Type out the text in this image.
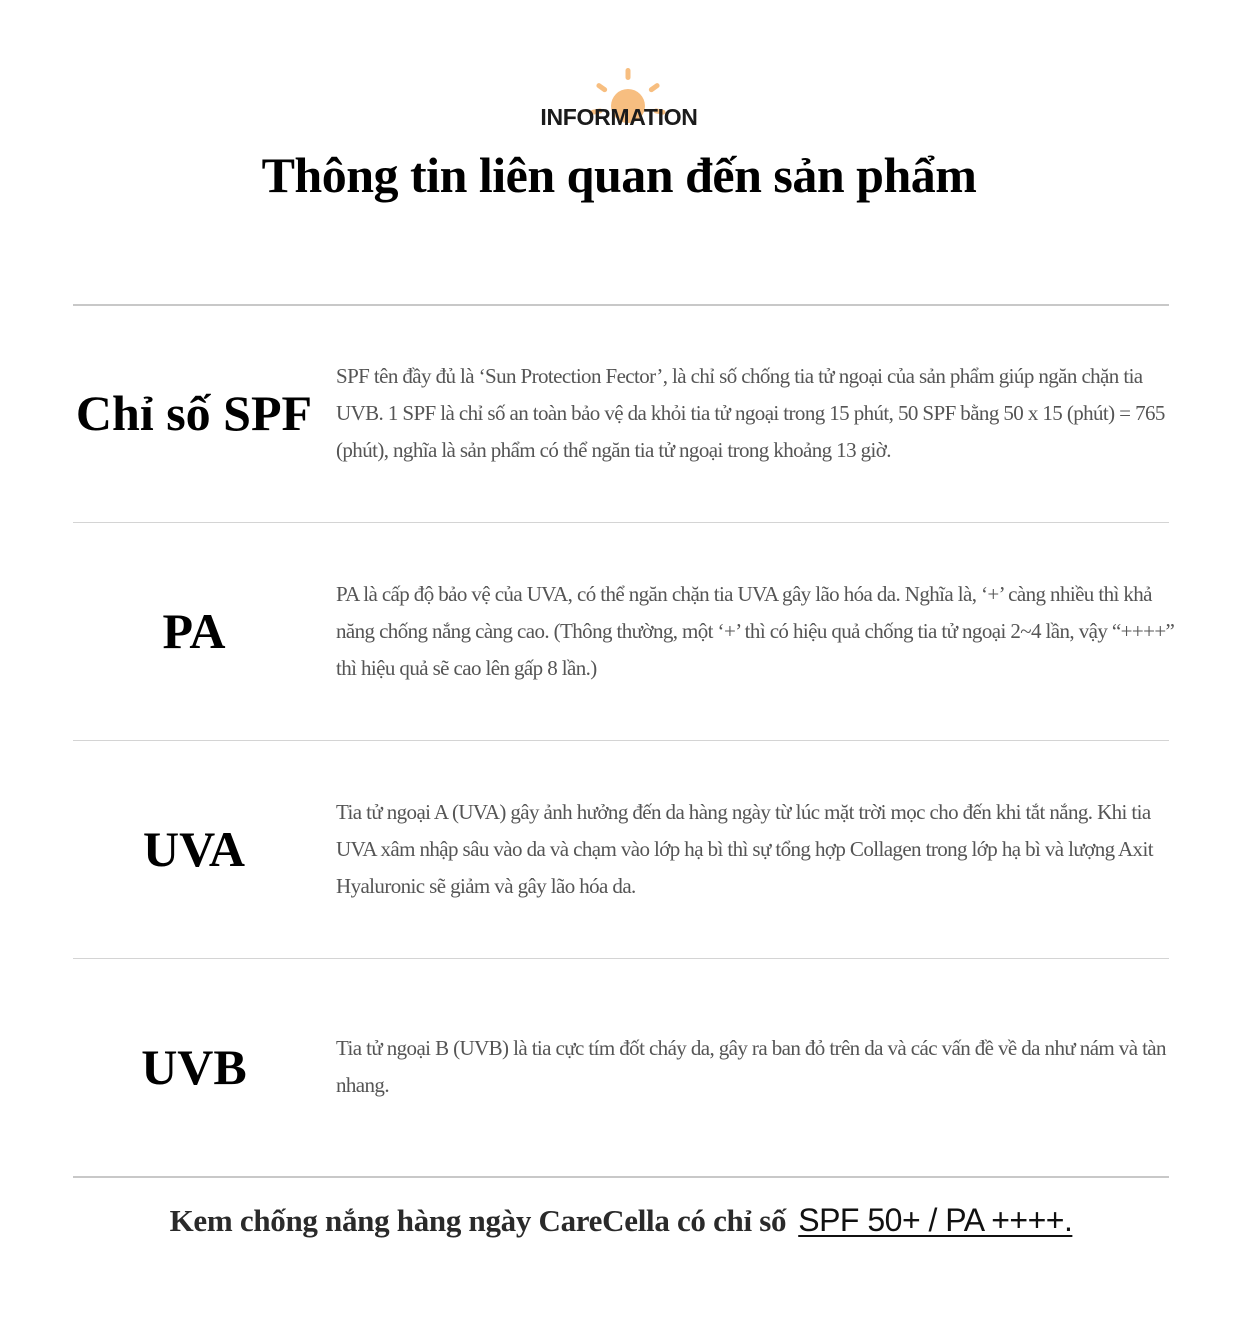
INFORMATION
Thông tin liên quan đến sản phẩm
Chỉ số SPF
SPF tên đầy đủ là ‘Sun Protection Fector’, là chỉ số chống tia tử ngoại của sản phẩm giúp ngăn chặn tia UVB. 1 SPF là chỉ số an toàn bảo vệ da khỏi tia tử ngoại trong 15 phút, 50 SPF bằng 50 x 15 (phút) = 765 (phút), nghĩa là sản phẩm có thể ngăn tia tử ngoại trong khoảng 13 giờ.
PA
PA là cấp độ bảo vệ của UVA, có thể ngăn chặn tia UVA gây lão hóa da. Nghĩa là, ‘+’ càng nhiều thì khả năng chống nắng càng cao. (Thông thường, một ‘+’ thì có hiệu quả chống tia tử ngoại 2~4 lần, vậy “++++” thì hiệu quả sẽ cao lên gấp 8 lần.)
UVA
Tia tử ngoại A (UVA) gây ảnh hưởng đến da hàng ngày từ lúc mặt trời mọc cho đến khi tắt nắng. Khi tia UVA xâm nhập sâu vào da và chạm vào lớp hạ bì thì sự tổng hợp Collagen trong lớp hạ bì và lượng Axit Hyaluronic sẽ giảm và gây lão hóa da.
UVB	Tia tử ngoại B (UVB) là tia cực tím đốt cháy da, gây ra ban đỏ trên da và các vấn đề về da như nám và tàn nhang.
Kem chống nắng hàng ngày CareCella có chỉ số SPF 50+ / PA ++++.
